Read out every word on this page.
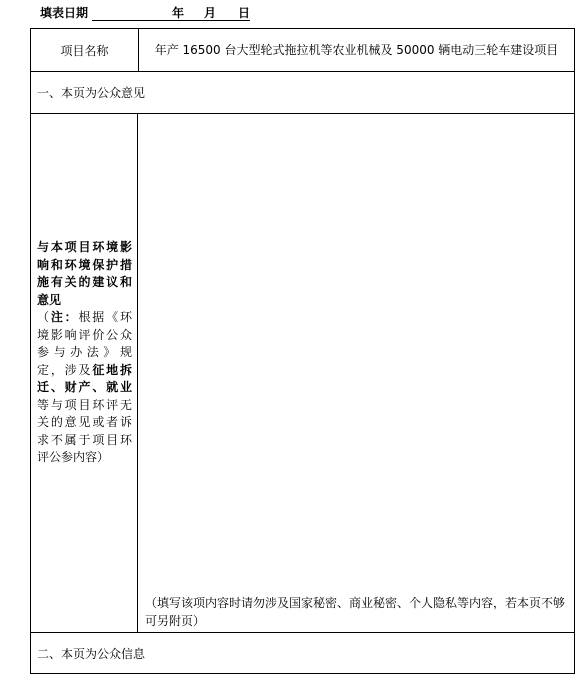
填表日期	年 月 日
项目名称	年产 16500 台大型轮式拖拉机等农业机械及 50000 辆电动三轮车建设项目
一、本页为公众意见
与本项目环境影响和环境保护措施有关的建议和意见
（注：根据《环境影响评价公众参与办法》规定，涉及征地拆迁、财产、就业等与项目环评无关的意见或者诉求不属于项目环评公参内容）
（填写该项内容时请勿涉及国家秘密、商业秘密、个人隐私等内容，若本页不够可另附页）
二、本页为公众信息
